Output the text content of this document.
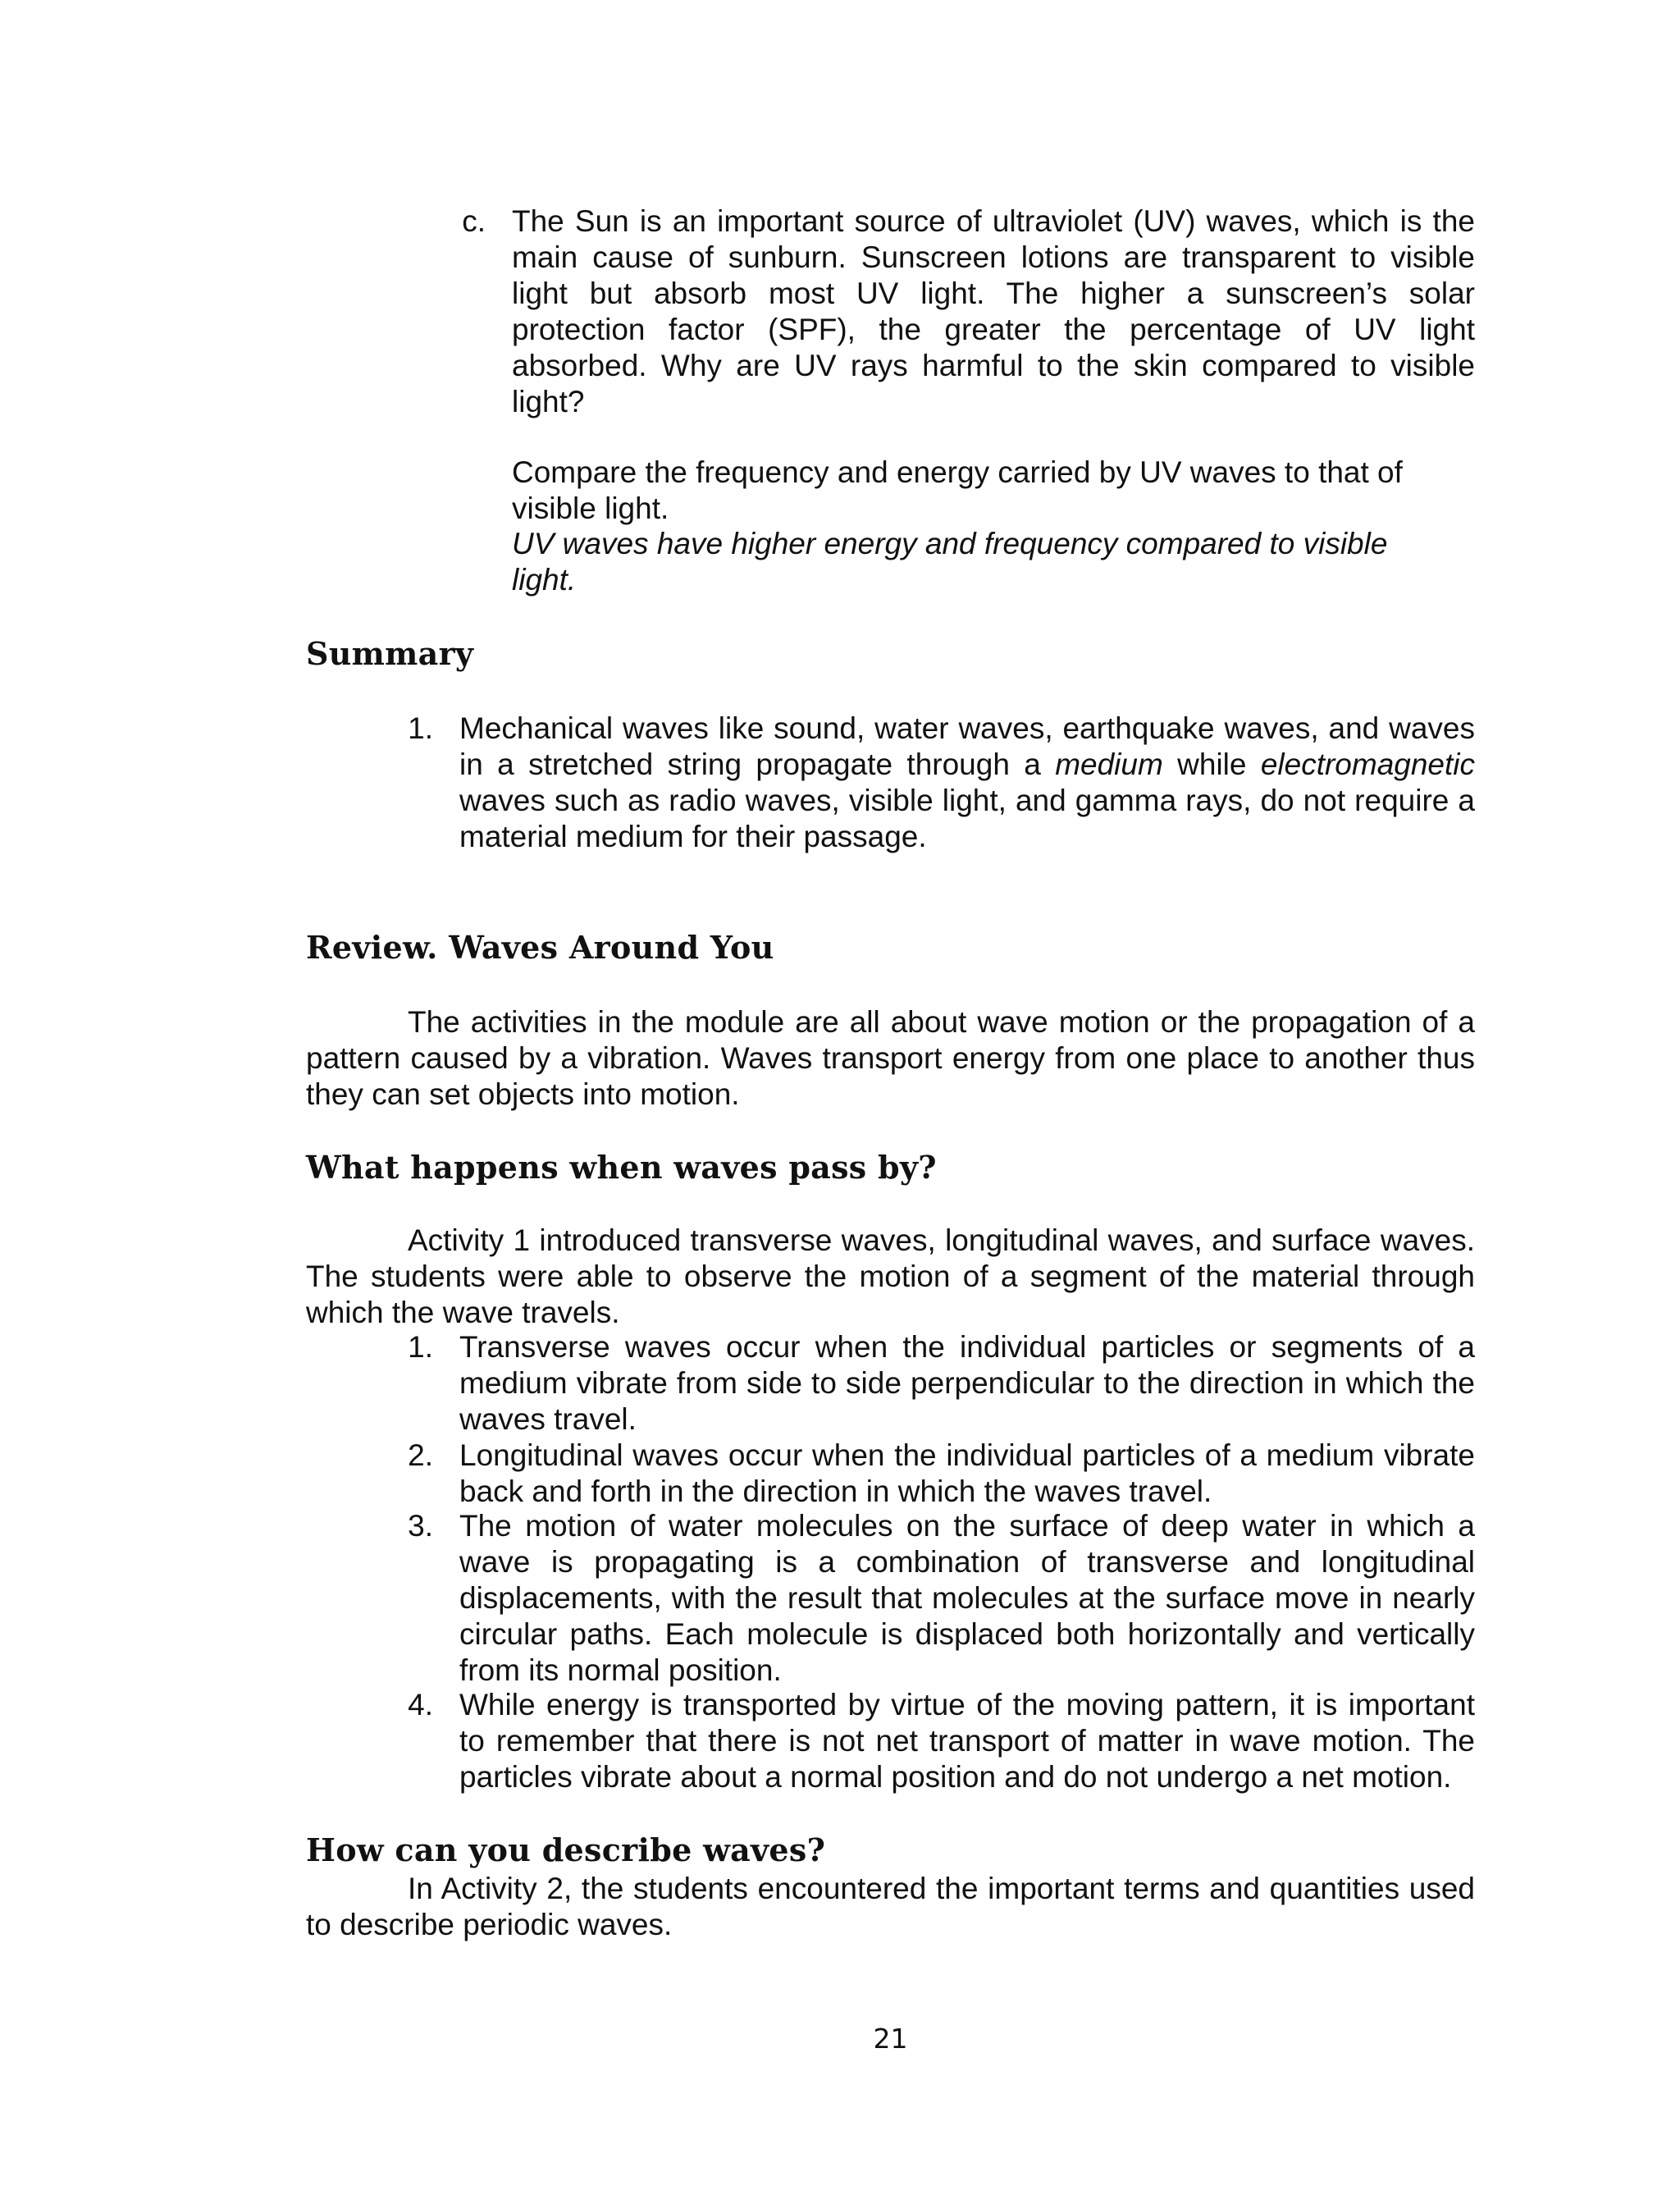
c. The Sun is an important source of ultraviolet (UV) waves, which is the main cause of sunburn. Sunscreen lotions are transparent to visible light but absorb most UV light. The higher a sunscreen’s solar protection factor (SPF), the greater the percentage of UV light absorbed. Why are UV rays harmful to the skin compared to visible light?

Compare the frequency and energy carried by UV waves to that of visible light.

UV waves have higher energy and frequency compared to visible light.

Summary
1. Mechanical waves like sound, water waves, earthquake waves, and waves in a stretched string propagate through a medium while electromagnetic waves such as radio waves, visible light, and gamma rays, do not require a material medium for their passage.

Review. Waves Around You

The activities in the module are all about wave motion or the propagation of a pattern caused by a vibration. Waves transport energy from one place to another thus they can set objects into motion.

What happens when waves pass by?

Activity 1 introduced transverse waves, longitudinal waves, and surface waves. The students were able to observe the motion of a segment of the material through which the wave travels.

1. Transverse waves occur when the individual particles or segments of a medium vibrate from side to side perpendicular to the direction in which the waves travel.

2. Longitudinal waves occur when the individual particles of a medium vibrate back and forth in the direction in which the waves travel.

3. The motion of water molecules on the surface of deep water in which a wave is propagating is a combination of transverse and longitudinal displacements, with the result that molecules at the surface move in nearly circular paths. Each molecule is displaced both horizontally and vertically from its normal position.

4. While energy is transported by virtue of the moving pattern, it is important to remember that there is not net transport of matter in wave motion. The particles vibrate about a normal position and do not undergo a net motion.

How can you describe waves?

In Activity 2, the students encountered the important terms and quantities used to describe periodic waves.

21
